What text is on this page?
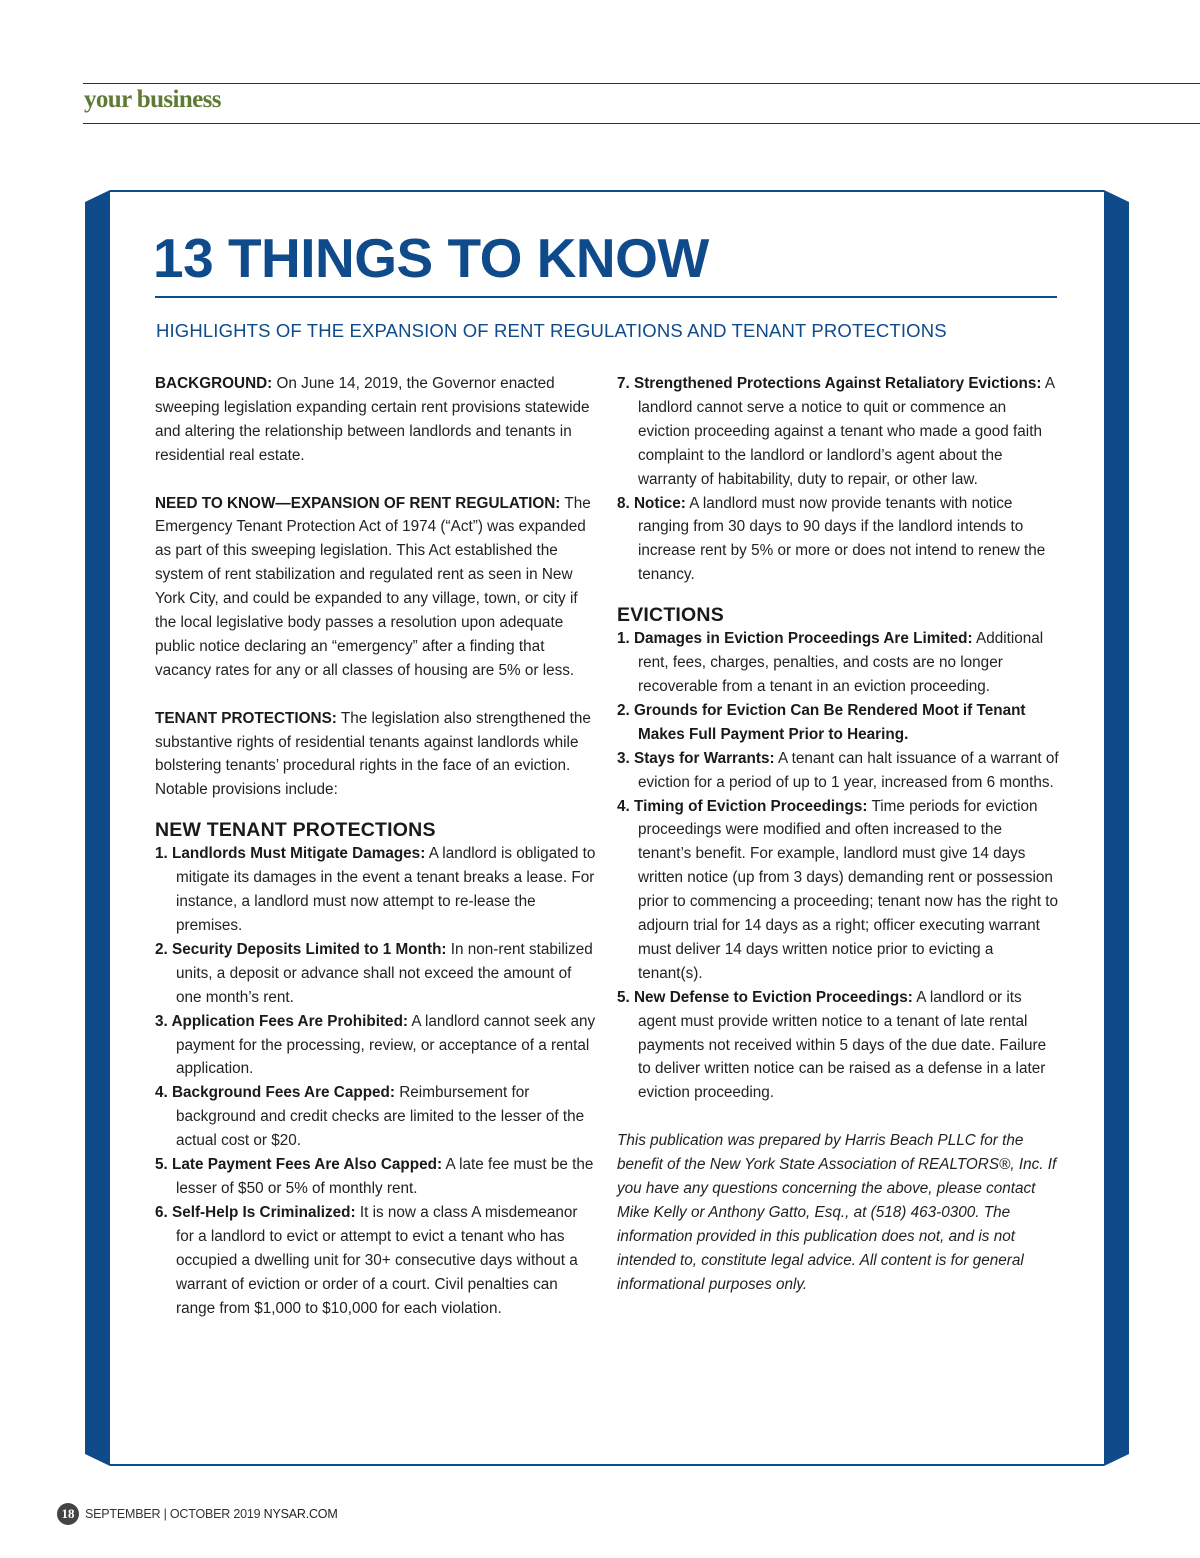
your business
13 THINGS TO KNOW
HIGHLIGHTS OF THE EXPANSION OF RENT REGULATIONS AND TENANT PROTECTIONS

BACKGROUND: On June 14, 2019, the Governor enacted sweeping legislation expanding certain rent provisions statewide and altering the relationship between landlords and tenants in residential real estate.

NEED TO KNOW—EXPANSION OF RENT REGULATION: The Emergency Tenant Protection Act of 1974 (“Act”) was expanded as part of this sweeping legislation. This Act established the system of rent stabilization and regulated rent as seen in New York City, and could be expanded to any village, town, or city if the local legislative body passes a resolution upon adequate public notice declaring an “emergency” after a finding that vacancy rates for any or all classes of housing are 5% or less.

TENANT PROTECTIONS: The legislation also strengthened the substantive rights of residential tenants against landlords while bolstering tenants’ procedural rights in the face of an eviction. Notable provisions include:

NEW TENANT PROTECTIONS

1. Landlords Must Mitigate Damages: A landlord is obligated to mitigate its damages in the event a tenant breaks a lease. For instance, a landlord must now attempt to re-lease the premises.

2. Security Deposits Limited to 1 Month: In non-rent stabilized units, a deposit or advance shall not exceed the amount of one month’s rent.

3. Application Fees Are Prohibited: A landlord cannot seek any payment for the processing, review, or acceptance of a rental application.

4. Background Fees Are Capped: Reimbursement for background and credit checks are limited to the lesser of the actual cost or $20.

5. Late Payment Fees Are Also Capped: A late fee must be the lesser of $50 or 5% of monthly rent.

6. Self-Help Is Criminalized: It is now a class A misdemeanor for a landlord to evict or attempt to evict a tenant who has occupied a dwelling unit for 30+ consecutive days without a warrant of eviction or order of a court. Civil penalties can range from $1,000 to $10,000 for each violation.

7. Strengthened Protections Against Retaliatory Evictions: A landlord cannot serve a notice to quit or commence an eviction proceeding against a tenant who made a good faith complaint to the landlord or landlord’s agent about the warranty of habitability, duty to repair, or other law.

8. Notice: A landlord must now provide tenants with notice ranging from 30 days to 90 days if the landlord intends to increase rent by 5% or more or does not intend to renew the tenancy.

EVICTIONS

1. Damages in Eviction Proceedings Are Limited: Additional rent, fees, charges, penalties, and costs are no longer recoverable from a tenant in an eviction proceeding.

2. Grounds for Eviction Can Be Rendered Moot if Tenant Makes Full Payment Prior to Hearing.

3. Stays for Warrants: A tenant can halt issuance of a warrant of eviction for a period of up to 1 year, increased from 6 months.

4. Timing of Eviction Proceedings: Time periods for eviction proceedings were modified and often increased to the tenant’s benefit. For example, landlord must give 14 days written notice (up from 3 days) demanding rent or possession prior to commencing a proceeding; tenant now has the right to adjourn trial for 14 days as a right; officer executing warrant must deliver 14 days written notice prior to evicting a tenant(s).

5. New Defense to Eviction Proceedings: A landlord or its agent must provide written notice to a tenant of late rental payments not received within 5 days of the due date. Failure to deliver written notice can be raised as a defense in a later eviction proceeding.

This publication was prepared by Harris Beach PLLC for the benefit of the New York State Association of REALTORS®, Inc. If you have any questions concerning the above, please contact Mike Kelly or Anthony Gatto, Esq., at (518) 463-0300. The information provided in this publication does not, and is not intended to, constitute legal advice. All content is for general informational purposes only.

18 SEPTEMBER | OCTOBER 2019 NYSAR.COM
